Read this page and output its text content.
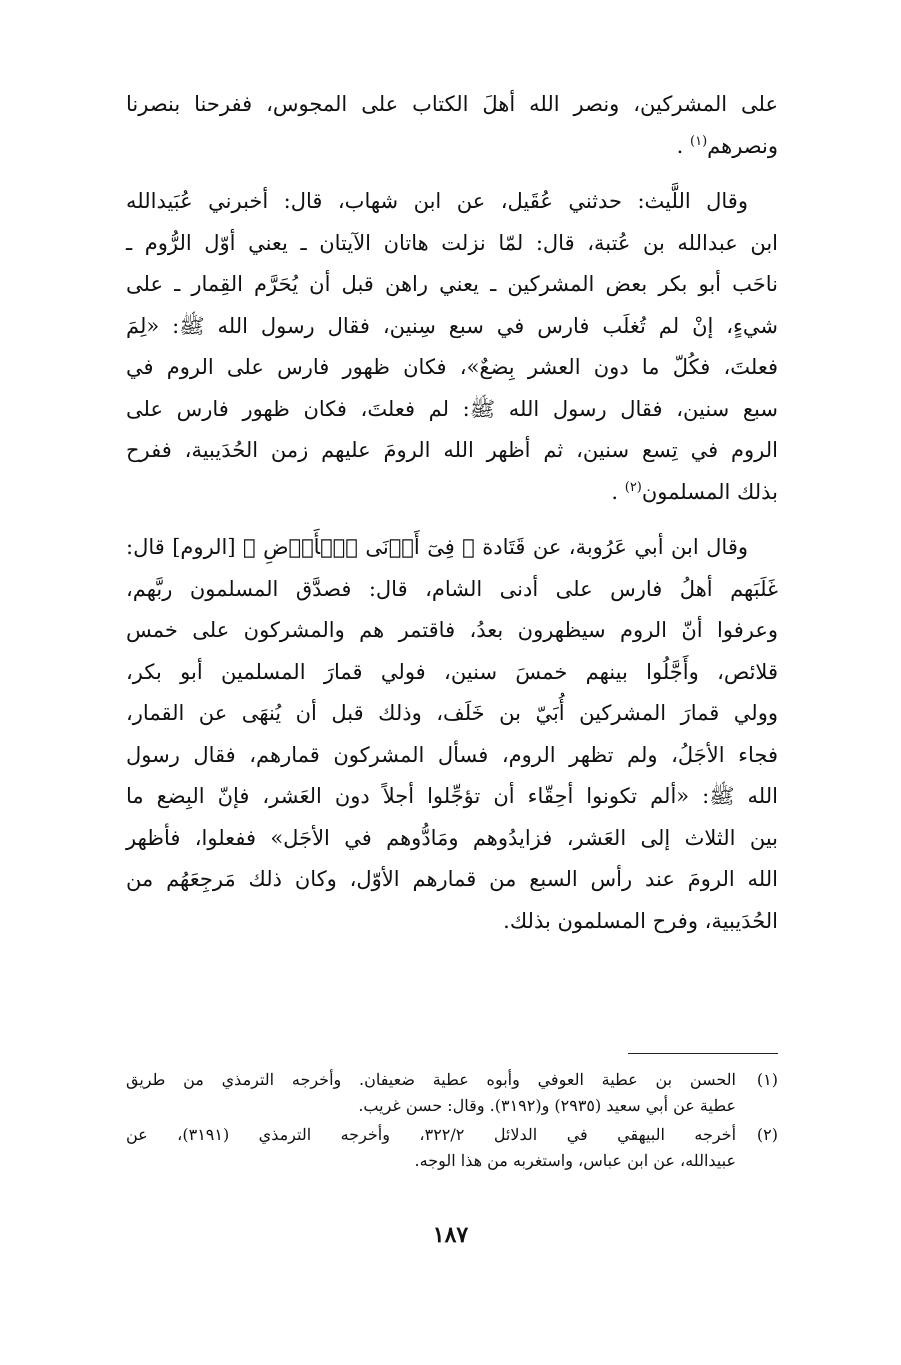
على المشركين، ونصر الله أهلَ الكتاب على المجوس، ففرحنا بنصرنا
ونصرهم$^{(١)}$ .

وقال اللَّيث: حدثني عُقَيل، عن ابن شهاب، قال: أخبرني عُبَيدالله
ابن عبدالله بن عُتبة، قال: لمّا نزلت هاتان الآيتان ـ يعني أوّل الرُّوم ـ
ناحَب أبو بكر بعض المشركين ـ يعني راهن قبل أن يُحَرَّم القِمار ـ على
شيءٍ، إنْ لم تُغلَب فارس في سبع سِنين، فقال رسول الله ﷺ: «لِمَ
فعلتَ، فكُلّ ما دون العشر بِضعٌ»، فكان ظهور فارس على الروم في
سبع سنين، فقال رسول الله ﷺ: لم فعلتَ، فكان ظهور فارس على
الروم في تِسع سنين، ثم أظهر الله الرومَ عليهم زمن الحُدَيبية، ففرح
بذلك المسلمون$^{(٢)}$ .

وقال ابن أبي عَرُوبة، عن قَتَادة ﴿ فِىٓ أَدۡنَى ٱلۡأَرۡضِ ﴾ [الروم] قال:
غَلَبَهم أهلُ فارس على أدنى الشام، قال: فصدَّق المسلمون ربَّهم،
وعرفوا أنّ الروم سيظهرون بعدُ، فاقتمر هم والمشركون على خمس
قلائص، وأَجَّلُوا بينهم خمسَ سنين، فولي قمارَ المسلمين أبو بكر،
وولي قمارَ المشركين أُبَيّ بن خَلَف، وذلك قبل أن يُنهَى عن القمار،
فجاء الأجَلُ، ولم تظهر الروم، فسأل المشركون قمارهم، فقال رسول
الله ﷺ: «ألم تكونوا أحِقّاء أن تؤجِّلوا أجلاً دون العَشر، فإنّ البِضع ما
بين الثلاث إلى العَشر، فزايدُوهم ومَادُّوهم في الأجَل» ففعلوا، فأظهر
الله الرومَ عند رأس السبع من قمارهم الأوّل، وكان ذلك مَرجِعَهُم من
الحُدَيبية، وفرح المسلمون بذلك.

(١)
الحسن بن عطية العوفي وأبوه عطية ضعيفان. وأخرجه الترمذي من طريق
عطية عن أبي سعيد (٢٩٣٥) و(٣١٩٢). وقال: حسن غريب.
(٢)
أخرجه البيهقي في الدلائل ٣٢٢/٢، وأخرجه الترمذي (٣١٩١)، عن
عبيدالله، عن ابن عباس، واستغربه من هذا الوجه.
١٨٧
